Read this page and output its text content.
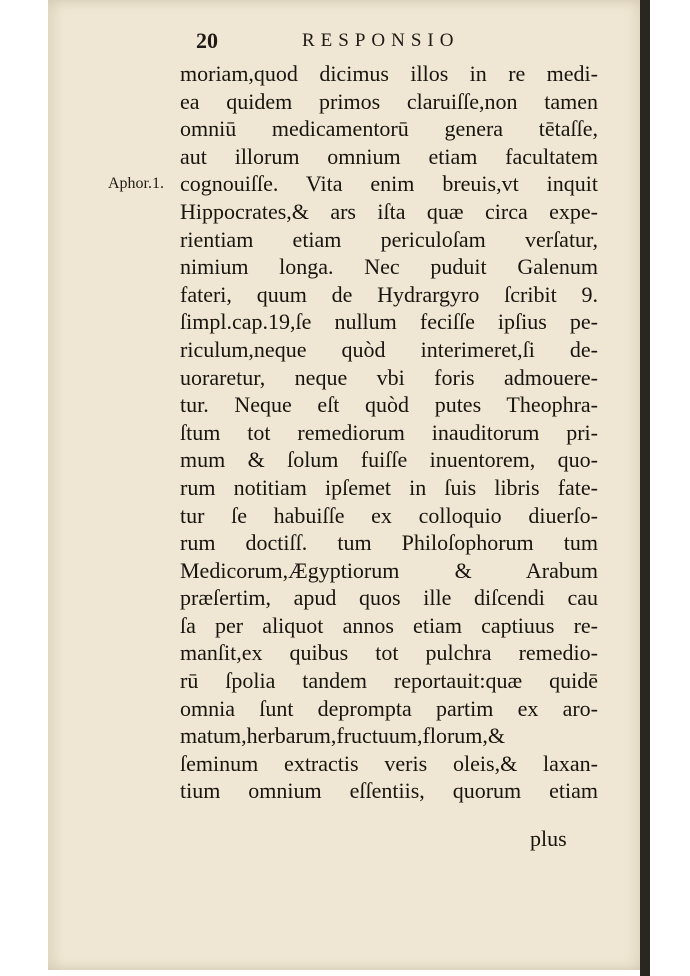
20	RESPONSIO
Aphor.1.
moriam,quod dicimus illos in re medi-
ea quidem primos claruiſſe,non tamen
omniū medicamentorū genera tētaſſe,
aut illorum omnium etiam facultatem
cognouiſſe. Vita enim breuis,vt inquit
Hippocrates,& ars iſta quæ circa expe-
rientiam etiam periculoſam verſatur,
nimium longa. Nec puduit Galenum
fateri, quum de Hydrargyro ſcribit 9.
ſimpl.cap.19,ſe nullum feciſſe ipſius pe-
riculum,neque quòd interimeret,ſi de-
uoraretur, neque vbi foris admouere-
tur. Neque eſt quòd putes Theophra-
ſtum tot remediorum inauditorum pri-
mum & ſolum fuiſſe inuentorem, quo-
rum notitiam ipſemet in ſuis libris fate-
tur ſe habuiſſe ex colloquio diuerſo-
rum doctiſſ. tum Philoſophorum tum
Medicorum,Ægyptiorum & Arabum
præſertim, apud quos ille diſcendi cau
ſa per aliquot annos etiam captiuus re-
manſit,ex quibus tot pulchra remedio-
rū ſpolia tandem reportauit:quæ quidē
omnia ſunt deprompta partim ex aro-
matum,herbarum,fructuum,florum,&
ſeminum extractis veris oleis,& laxan-
tium omnium eſſentiis, quorum etiam
plus
